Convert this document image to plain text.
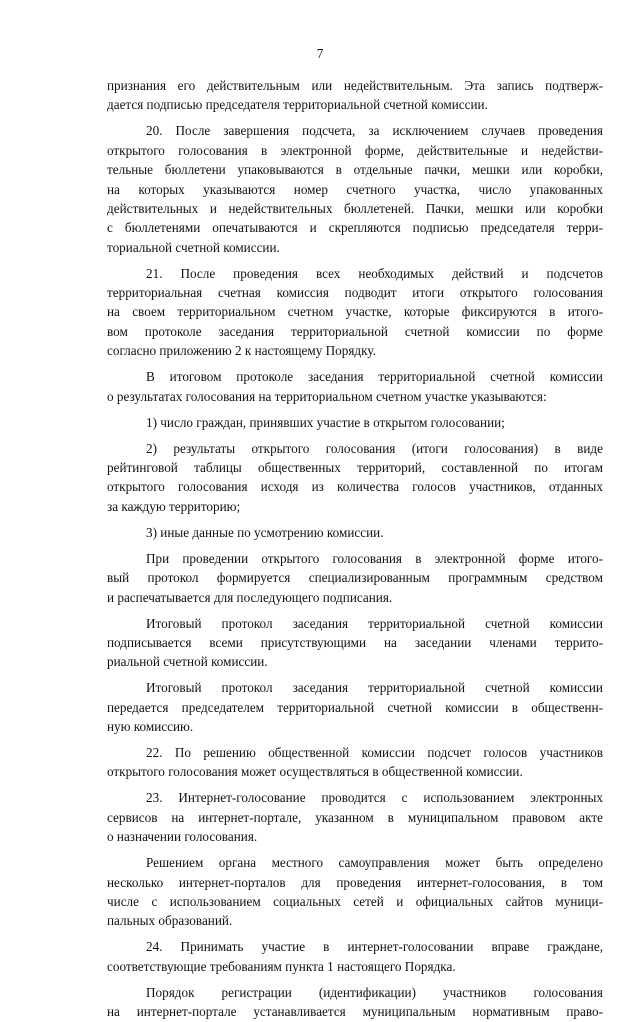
7
признания его действительным или недействительным. Эта запись подтверж-
дается подписью председателя территориальной счетной комиссии.
20. После завершения подсчета, за исключением случаев проведения
открытого голосования в электронной форме, действительные и недействи-
тельные бюллетени упаковываются в отдельные пачки, мешки или коробки,
на которых указываются номер счетного участка, число упакованных
действительных и недействительных бюллетеней. Пачки, мешки или коробки
с бюллетенями опечатываются и скрепляются подписью председателя терри-
ториальной счетной комиссии.
21. После проведения всех необходимых действий и подсчетов
территориальная счетная комиссия подводит итоги открытого голосования
на своем территориальном счетном участке, которые фиксируются в итого-
вом протоколе заседания территориальной счетной комиссии по форме
согласно приложению 2 к настоящему Порядку.
В итоговом протоколе заседания территориальной счетной комиссии
о результатах голосования на территориальном счетном участке указываются:
1) число граждан, принявших участие в открытом голосовании;
2) результаты открытого голосования (итоги голосования) в виде
рейтинговой таблицы общественных территорий, составленной по итогам
открытого голосования исходя из количества голосов участников, отданных
за каждую территорию;
3) иные данные по усмотрению комиссии.
При проведении открытого голосования в электронной форме итого-
вый протокол формируется специализированным программным средством
и распечатывается для последующего подписания.
Итоговый протокол заседания территориальной счетной комиссии
подписывается всеми присутствующими на заседании членами террито-
риальной счетной комиссии.
Итоговый протокол заседания территориальной счетной комиссии
передается председателем территориальной счетной комиссии в общественн-
ную комиссию.
22. По решению общественной комиссии подсчет голосов участников
открытого голосования может осуществляться в общественной комиссии.
23. Интернет-голосование проводится с использованием электронных
сервисов на интернет-портале, указанном в муниципальном правовом акте
о назначении голосования.
Решением органа местного самоуправления может быть определено
несколько интернет-порталов для проведения интернет-голосования, в том
числе с использованием социальных сетей и официальных сайтов муници-
пальных образований.
24. Принимать участие в интернет-голосовании вправе граждане,
соответствующие требованиям пункта 1 настоящего Порядка.
Порядок регистрации (идентификации) участников голосования
на интернет-портале устанавливается муниципальным нормативным право-
